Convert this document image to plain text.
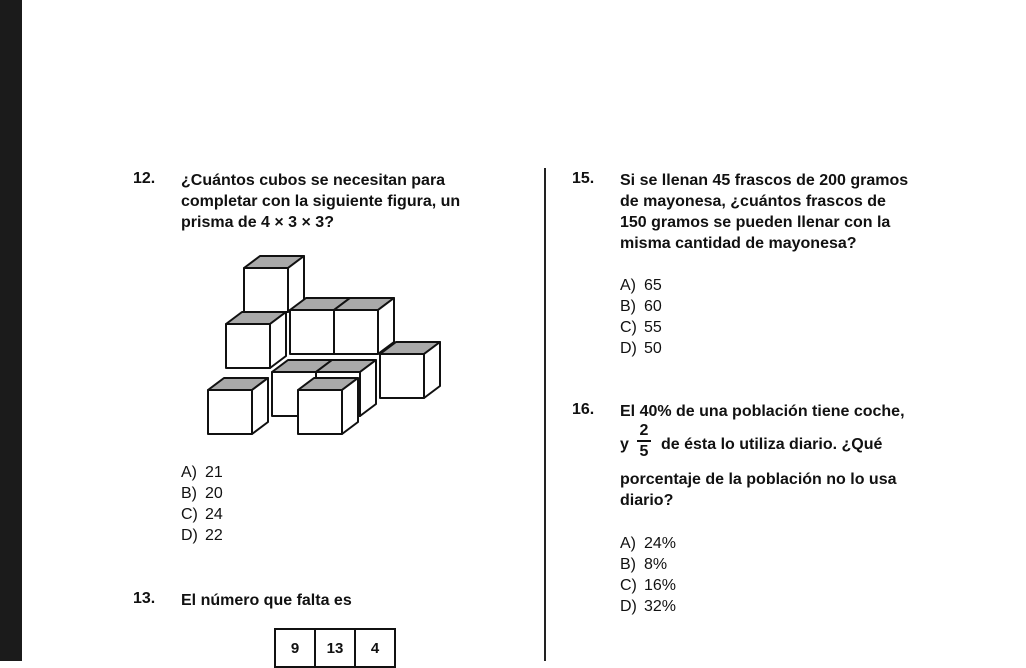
12. ¿Cuántos cubos se necesitan para
completar con la siguiente figura, un
prisma de 4 × 3 × 3?
A) 21
B) 20
C) 24
D) 22
13. El número que falta es
9	13	4
15. Si se llenan 45 frascos de 200 gramos
de mayonesa, ¿cuántos frascos de
150 gramos se pueden llenar con la
misma cantidad de mayonesa?
A) 65
B) 60
C) 55
D) 50
16. El 40% de una población tiene coche,
y
2
5 de ésta lo utiliza diario. ¿Qué
porcentaje de la población no lo usa
diario?
A) 24%
B) 8%
C) 16%
D) 32%
